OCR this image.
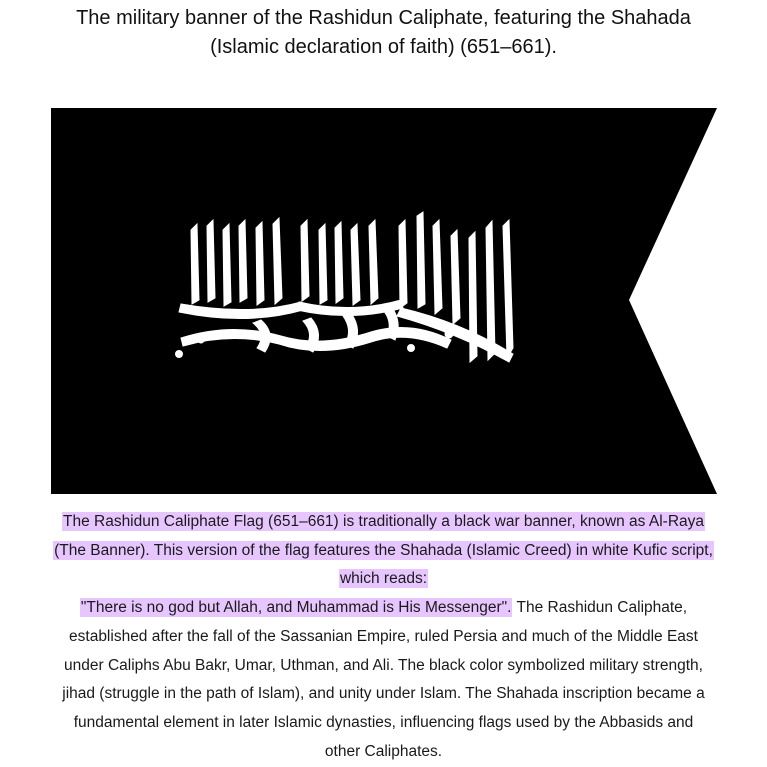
The military banner of the Rashidun Caliphate, featuring the Shahada
(Islamic declaration of faith) (651–661).
The Rashidun Caliphate Flag (651–661) is traditionally a black war banner, known as Al-Raya
(The Banner). This version of the flag features the Shahada (Islamic Creed) in white Kufic script,
which reads:
"There is no god but Allah, and Muhammad is His Messenger". The Rashidun Caliphate,
established after the fall of the Sassanian Empire, ruled Persia and much of the Middle East
under Caliphs Abu Bakr, Umar, Uthman, and Ali. The black color symbolized military strength,
jihad (struggle in the path of Islam), and unity under Islam. The Shahada inscription became a
fundamental element in later Islamic dynasties, influencing flags used by the Abbasids and
other Caliphates.
